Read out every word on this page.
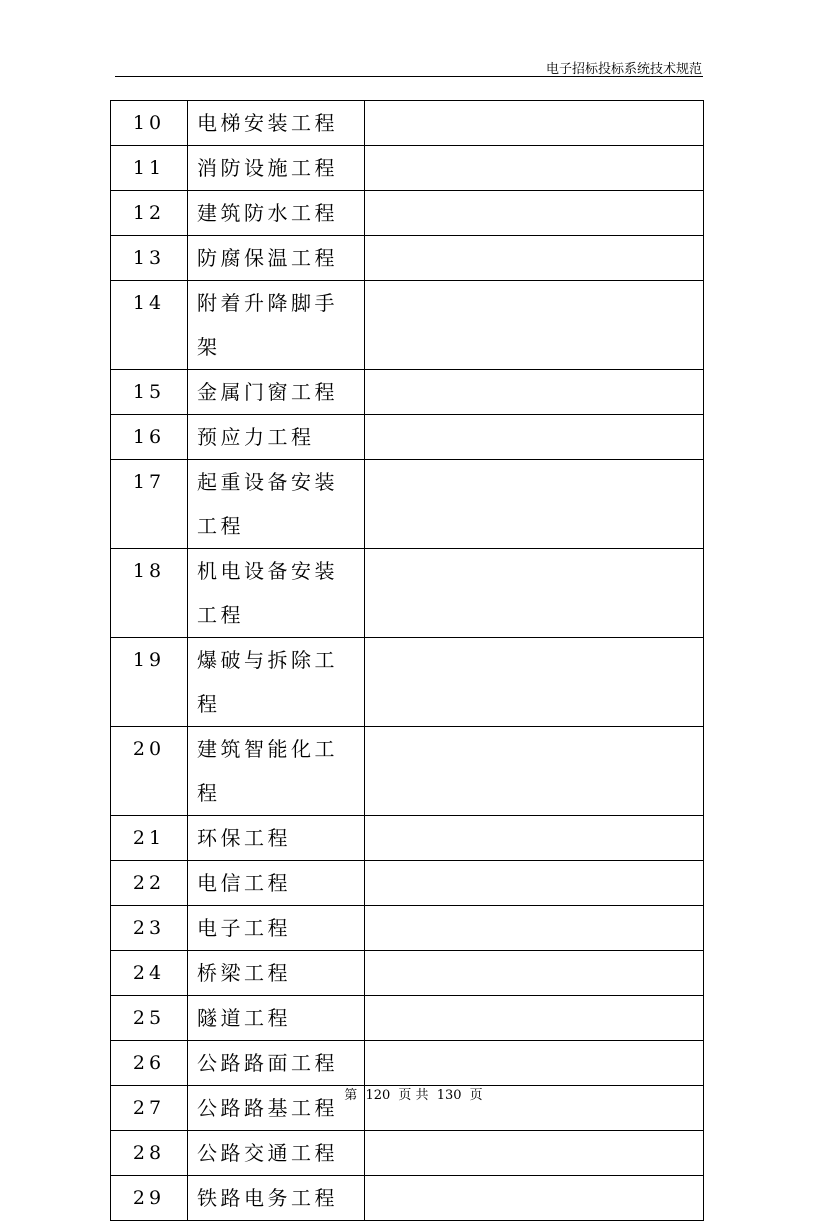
电子招标投标系统技术规范
10	电梯安装工程	
11	消防设施工程	
12	建筑防水工程	
13	防腐保温工程	
14	附着升降脚手架	
15	金属门窗工程	
16	预应力工程	
17	起重设备安装工程	
18	机电设备安装工程	
19	爆破与拆除工程	
20	建筑智能化工程	
21	环保工程	
22	电信工程	
23	电子工程	
24	桥梁工程	
25	隧道工程	
26	公路路面工程	
27	公路路基工程	
28	公路交通工程	
29	铁路电务工程	
第 120 页 共 130 页
